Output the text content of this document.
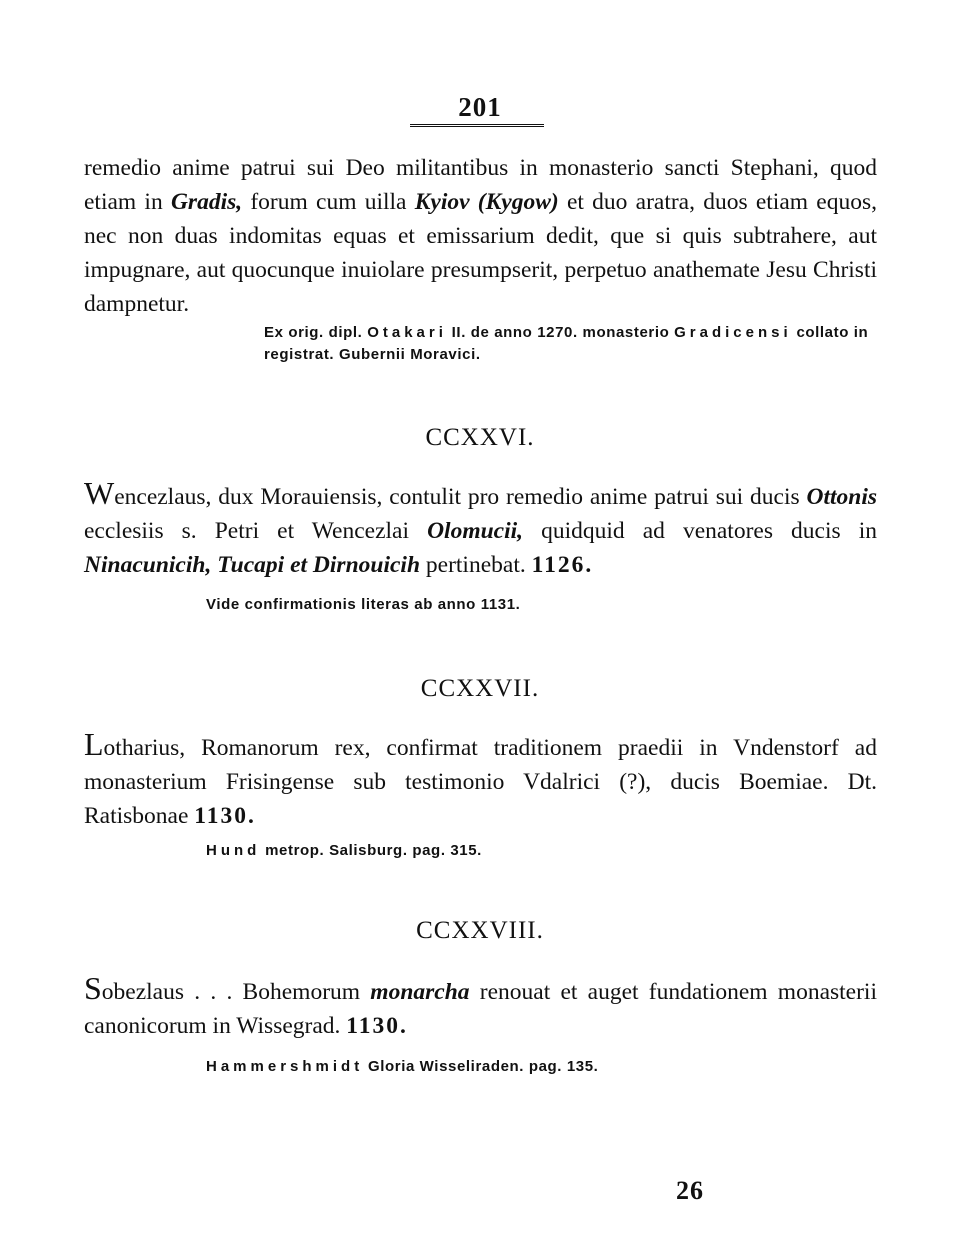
201
remedio anime patrui sui Deo militantibus in monasterio sancti Stephani, quod etiam in Gradis, forum cum uilla Kyiov (Kygow) et duo aratra, duos etiam equos, nec non duas indomitas equas et emissarium dedit, que si quis subtrahere, aut impugnare, aut quocunque inuiolare presumpserit, perpetuo anathemate Jesu Christi dampnetur.
Ex orig. dipl. Otakari II. de anno 1270. monasterio Gradicensi collato in registrat. Gubernii Moravici.
CCXXVI.
Wencezlaus, dux Morauiensis, contulit pro remedio anime patrui sui ducis Ottonis ecclesiis s. Petri et Wencezlai Olomucii, quidquid ad venatores ducis in Ninacunicih, Tucapi et Dirnouicih pertinebat. 1126.
Vide confirmationis literas ab anno 1131.
CCXXVII.
Lotharius, Romanorum rex, confirmat traditionem praedii in Vndenstorf ad monasterium Frisingense sub testimonio Vdalrici (?), ducis Boemiae. Dt. Ratisbonae 1130.
Hund metrop. Salisburg. pag. 315.
CCXXVIII.
Sobezlaus . . . Bohemorum monarcha renouat et auget fundationem monasterii canonicorum in Wissegrad. 1130.
Hammershmidt Gloria Wisseliraden. pag. 135.
26
